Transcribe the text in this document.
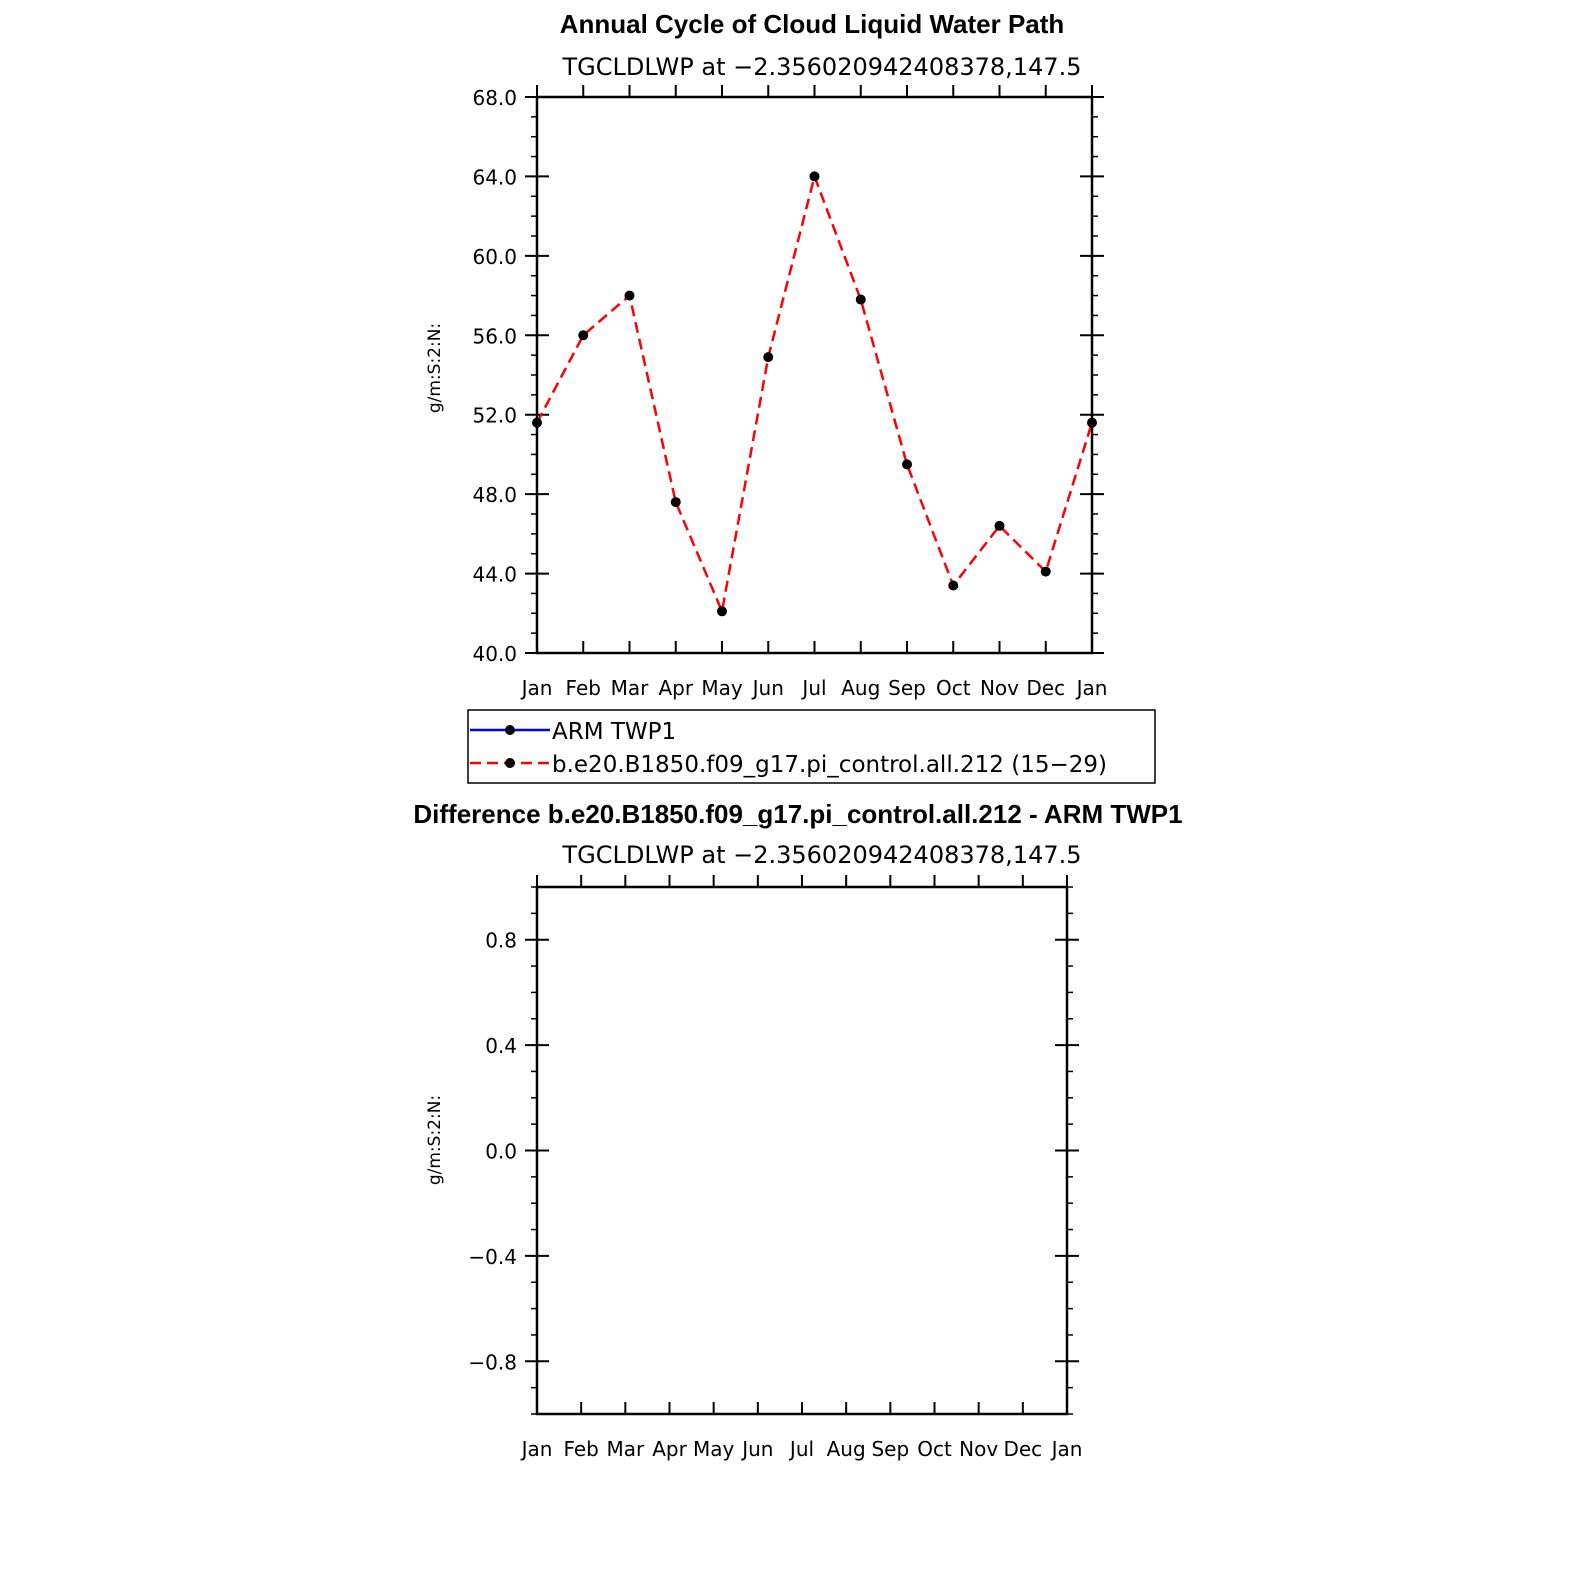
Annual Cycle of Cloud Liquid Water Path
TGCLDLWP at −2.356020942408378,147.5
g/m:S:2:N:
Jan Feb Mar Apr May Jun Jul Aug Sep Oct Nov Dec Jan
40.0
44.0
48.0
52.0
56.0
60.0
64.0
68.0
ARM TWP1
b.e20.B1850.f09_g17.pi_control.all.212 (15−29)
Difference b.e20.B1850.f09_g17.pi_control.all.212 - ARM TWP1
TGCLDLWP at −2.356020942408378,147.5
g/m:S:2:N:
Jan Feb Mar Apr May Jun Jul Aug Sep Oct Nov Dec Jan
−0.8
−0.4
0.0
0.4
0.8
